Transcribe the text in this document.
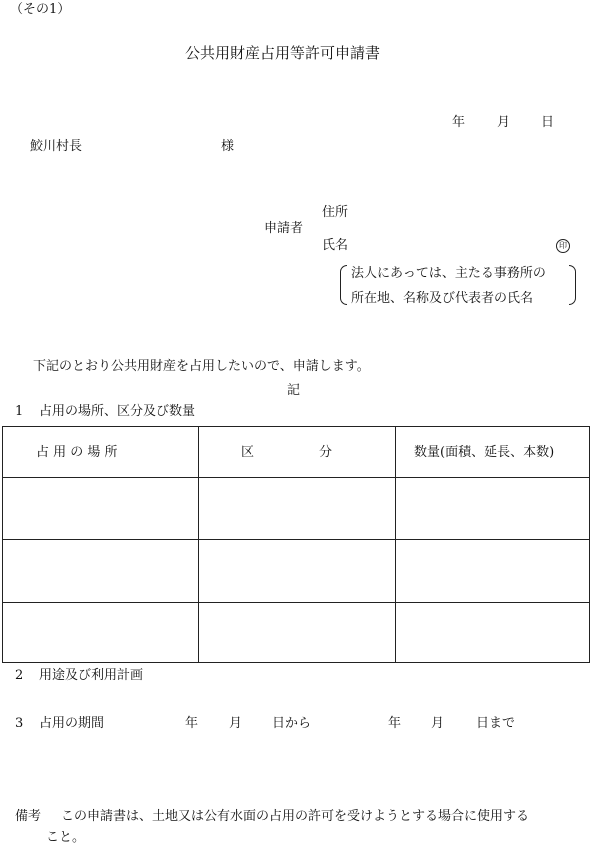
（その1）
公共用財産占用等許可申請書
年 月 日
鮫川村長	様
住所
申請者
氏名	印
法人にあっては、主たる事務所の
所在地、名称及び代表者の氏名
下記のとおり公共用財産を占用したいので、申請します。
記
1 占用の場所、区分及び数量
占 用 の 場 所	区　　　　　分	数量(面積、延長、本数)
2 用途及び利用計画
3 占用の期間	年 月 日から	年 月 日まで
備考 この申請書は、土地又は公有水面の占用の許可を受けようとする場合に使用する
こと。
